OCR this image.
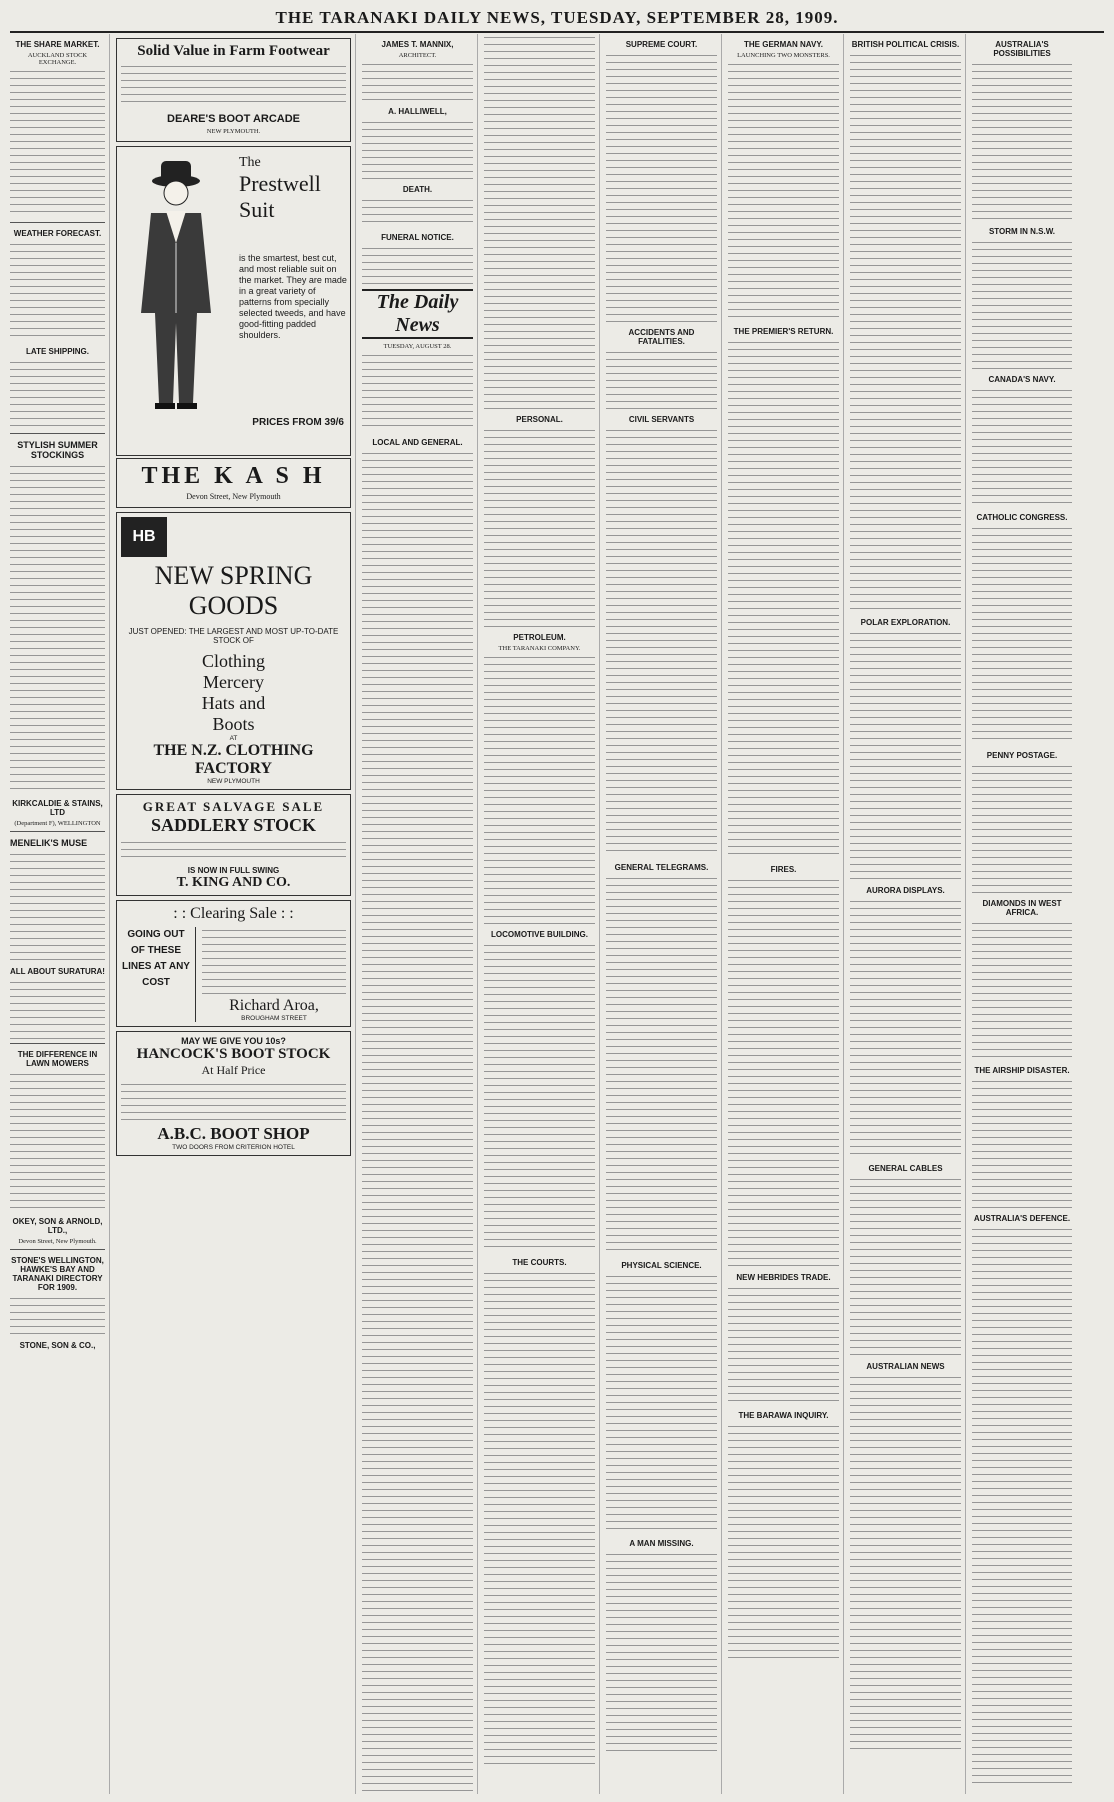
THE TARANAKI DAILY NEWS, TUESDAY, SEPTEMBER 28, 1909.
THE SHARE MARKET.
AUCKLAND STOCK EXCHANGE.
WEATHER FORECAST.
LATE SHIPPING.
STYLISH SUMMER STOCKINGS
KIRKCALDIE & STAINS, LTD
(Department F), WELLINGTON
MENELIK'S MUSE
ALL ABOUT SURATURA!
THE DIFFERENCE IN LAWN MOWERS
OKEY, SON & ARNOLD, LTD.,
Devon Street, New Plymouth.
STONE'S WELLINGTON, HAWKE'S BAY AND TARANAKI DIRECTORY FOR 1909.
STONE, SON & CO.,
Solid Value in Farm Footwear
DEARE'S BOOT ARCADE
NEW PLYMOUTH.
The
Prestwell
Suit
is the smartest, best cut, and most reliable suit on the market. They are made in a great variety of patterns from specially selected tweeds, and have good-fitting padded shoulders.
PRICES FROM 39/6
THE K A S H
Devon Street, New Plymouth
HB
NEW SPRING GOODS
JUST OPENED: THE LARGEST AND MOST UP-TO-DATE STOCK OF
Clothing
Mercery
Hats and
Boots
AT
THE N.Z. CLOTHING FACTORY
NEW PLYMOUTH
GREAT SALVAGE SALE
SADDLERY STOCK
IS NOW IN FULL SWING
T. KING AND CO.
: : Clearing Sale : :
GOING OUT OF THESE LINES AT ANY COST
Richard Aroa,
BROUGHAM STREET
MAY WE GIVE YOU 10s?
HANCOCK'S BOOT STOCK
At Half Price
A.B.C. BOOT SHOP
TWO DOORS FROM CRITERION HOTEL
JAMES T. MANNIX,
ARCHITECT.
A. HALLIWELL,
DEATH.
FUNERAL NOTICE.
The Daily News
TUESDAY, AUGUST 28.
LOCAL AND GENERAL.
PERSONAL.
PETROLEUM.
THE TARANAKI COMPANY.
LOCOMOTIVE BUILDING.
THE COURTS.
SUPREME COURT.
ACCIDENTS AND FATALITIES.
CIVIL SERVANTS
GENERAL TELEGRAMS.
PHYSICAL SCIENCE.
A MAN MISSING.
THE GERMAN NAVY.
LAUNCHING TWO MONSTERS.
THE PREMIER'S RETURN.
FIRES.
NEW HEBRIDES TRADE.
THE BARAWA INQUIRY.
BRITISH POLITICAL CRISIS.
POLAR EXPLORATION.
AURORA DISPLAYS.
GENERAL CABLES
AUSTRALIAN NEWS
AUSTRALIA'S POSSIBILITIES
STORM IN N.S.W.
CANADA'S NAVY.
CATHOLIC CONGRESS.
PENNY POSTAGE.
DIAMONDS IN WEST AFRICA.
THE AIRSHIP DISASTER.
AUSTRALIA'S DEFENCE.
